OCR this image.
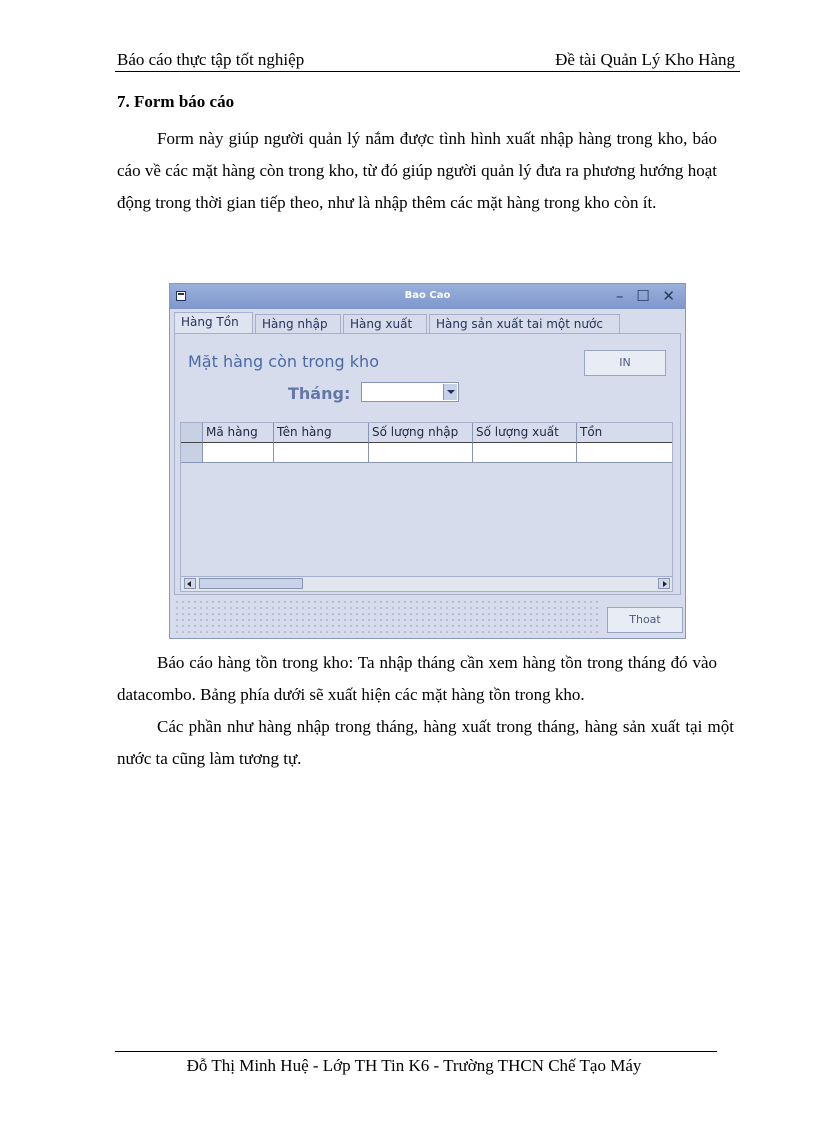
Báo cáo thực tập tốt nghiệp	Đề tài Quản Lý Kho Hàng
7. Form báo cáo

Form này giúp người quản lý nắm được tình hình xuất nhập hàng trong kho, báo cáo về các mặt hàng còn trong kho, từ đó giúp người quản lý đưa ra phương hướng hoạt động trong thời gian tiếp theo, như là nhập thêm các mặt hàng trong kho còn ít.

Bao Cao	– ☐ ✕
Hàng Tồn	Hàng nhập	Hàng xuất	Hàng sản xuất tai một nước
Mặt hàng còn trong kho	IN
Tháng:
Mã hàng	Tên hàng	Số lượng nhập	Số lượng xuất	Tồn
Thoat

Báo cáo hàng tồn trong kho: Ta nhập tháng cần xem hàng tồn trong tháng đó vào datacombo. Bảng phía dưới sẽ xuất hiện các mặt hàng tồn trong kho.

Các phần như hàng nhập trong tháng, hàng xuất trong tháng, hàng sản xuất tại một nước ta cũng làm tương tự.

Đỗ Thị Minh Huệ - Lớp TH Tin K6 - Trường THCN Chế Tạo Máy
